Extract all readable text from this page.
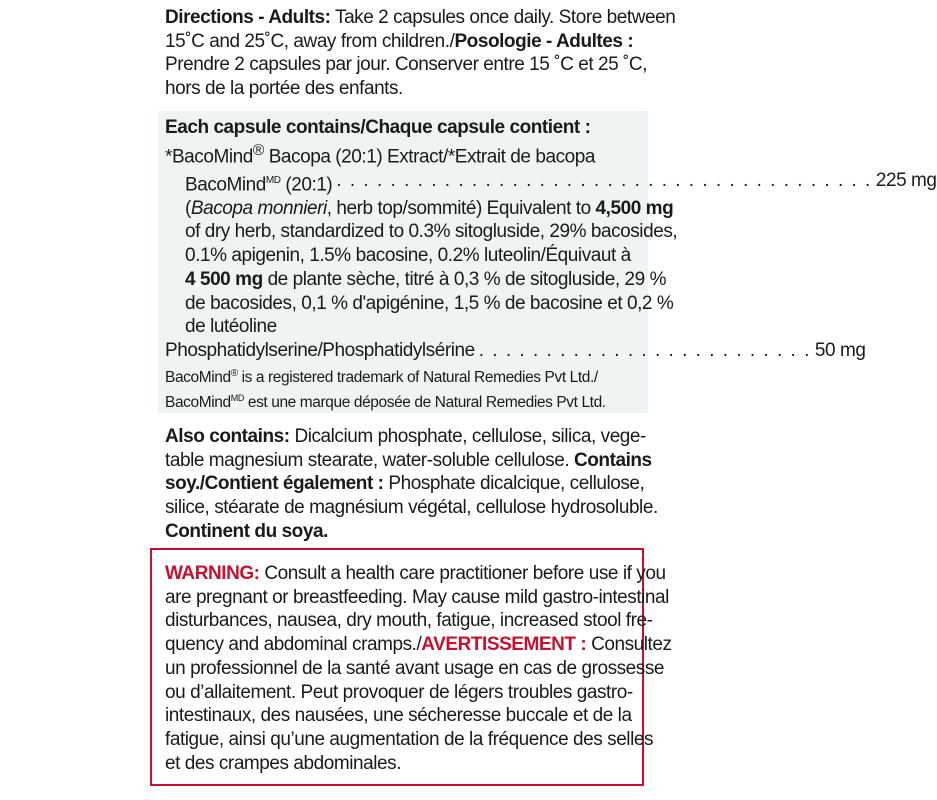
Directions - Adults: Take 2 capsules once daily. Store between
15˚C and 25˚C, away from children./Posologie - Adultes :
Prendre 2 capsules par jour. Conserver entre 15 ˚C et 25 ˚C,
hors de la portée des enfants.
Each capsule contains/Chaque capsule contient :
*BacoMind® Bacopa (20:1) Extract/*Extrait de bacopa
BacoMind$^{MD}$ (20:1) . . . . . . . . . . . . . . . . . . . . . . . . . . . . . . . . . . . . . . . . 225 mg
(Bacopa monnieri, herb top/sommité) Equivalent to 4,500 mg
of dry herb, standardized to 0.3% sitogluside, 29% bacosides,
0.1% apigenin, 1.5% bacosine, 0.2% luteolin/Équivaut à
4 500 mg de plante sèche, titré à 0,3 % de sitogluside, 29 %
de bacosides, 0,1 % d'apigénine, 1,5 % de bacosine et 0,2 %
de lutéoline
Phosphatidylserine/Phosphatidylsérine . . . . . . . . . . . . . . . . . . . . . . . . . 50 mg
BacoMind® is a registered trademark of Natural Remedies Pvt Ltd./
BacoMind$^{MD}$ est une marque déposée de Natural Remedies Pvt Ltd.
Also contains: Dicalcium phosphate, cellulose, silica, vege-
table magnesium stearate, water-soluble cellulose. Contains
soy./Contient également : Phosphate dicalcique, cellulose,
silice, stéarate de magnésium végétal, cellulose hydrosoluble.
Continent du soya.
WARNING: Consult a health care practitioner before use if you
are pregnant or breastfeeding. May cause mild gastro-intestinal
disturbances, nausea, dry mouth, fatigue, increased stool fre-
quency and abdominal cramps./AVERTISSEMENT : Consultez
un professionnel de la santé avant usage en cas de grossesse
ou d’allaitement. Peut provoquer de légers troubles gastro-
intestinaux, des nausées, une sécheresse buccale et de la
fatigue, ainsi qu’une augmentation de la fréquence des selles
et des crampes abdominales.
